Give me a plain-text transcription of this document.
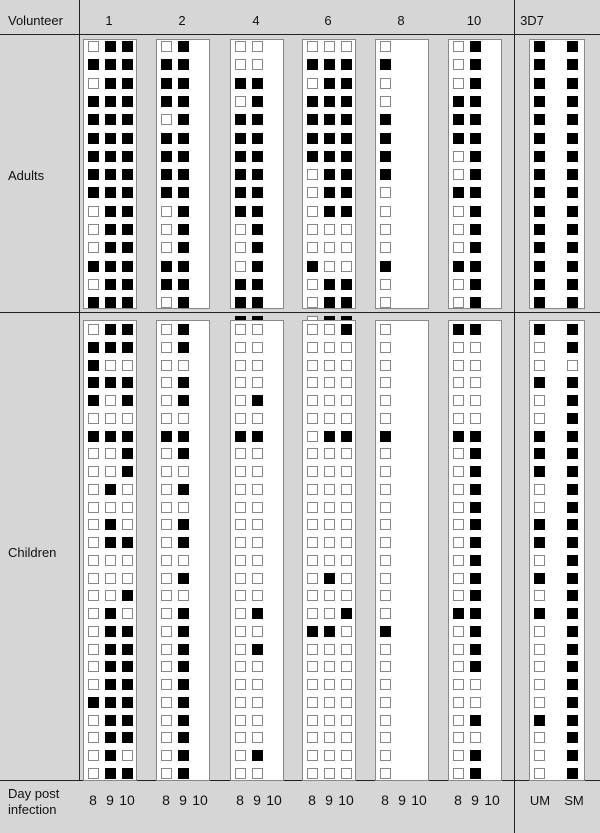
Volunteer	3D7
Adults
Children
Day post
infection
1	2	4	6	8	10
8 9 10 8 9 10 8 9 10 8 9 10 8 9 10 8 9 10 UM	SM
